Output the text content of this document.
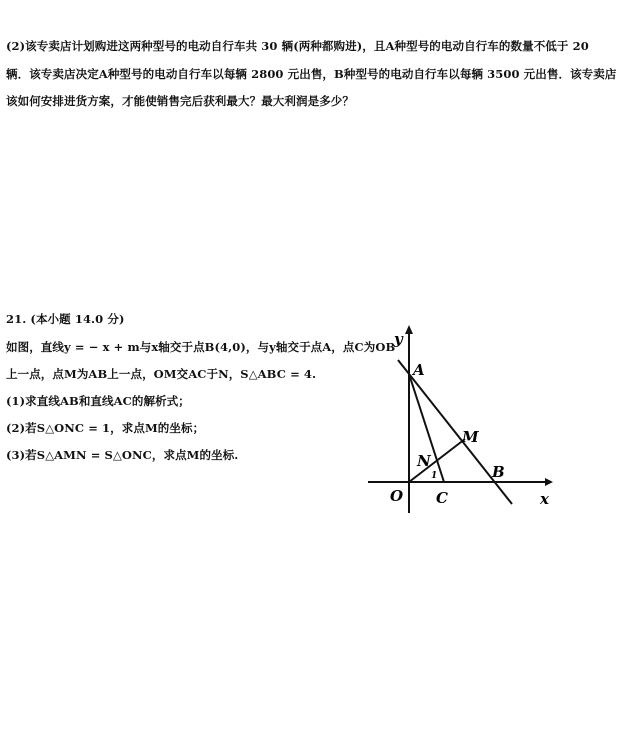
(2)该专卖店计划购进这两种型号的电动自行车共 30 辆(两种都购进)，且A种型号的电动自行车的数量不低于 20
辆．该专卖店决定A种型号的电动自行车以每辆 2800 元出售，B种型号的电动自行车以每辆 3500 元出售．该专卖店
该如何安排进货方案，才能使销售完后获利最大？最大利润是多少？
21. (本小题 14.0 分)
如图，直线y = − x + m与x轴交于点B(4,0)，与y轴交于点A，点C为OB
上一点，点M为AB上一点，OM交AC于N，S△ABC = 4.
(1)求直线AB和直线AC的解析式；
(2)若S△ONC = 1，求点M的坐标；
(3)若S△AMN = S△ONC，求点M的坐标.
y
A
M
N
1	B
O C	x
